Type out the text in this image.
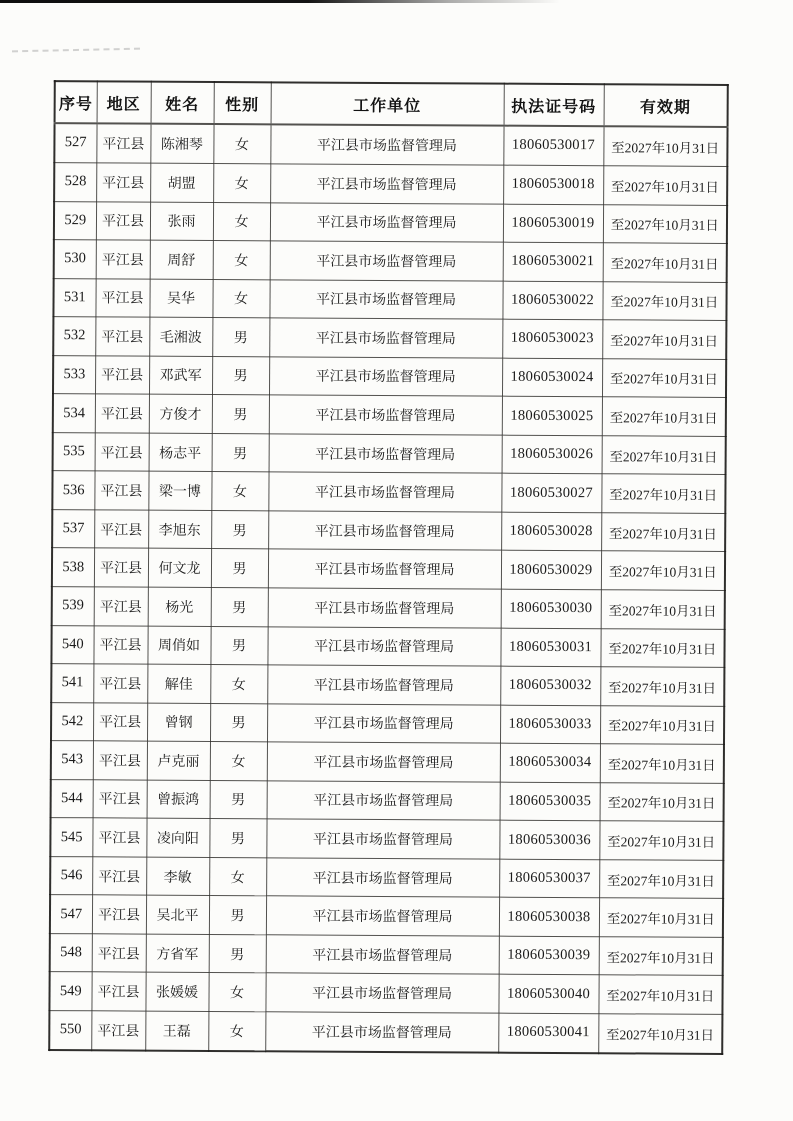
序号	地区	姓名	性别	工作单位	执法证号码	有效期
527	平江县	陈湘琴	女	平江县市场监督管理局	18060530017	至2027年10月31日
528	平江县	胡盟	女	平江县市场监督管理局	18060530018	至2027年10月31日
529	平江县	张雨	女	平江县市场监督管理局	18060530019	至2027年10月31日
530	平江县	周舒	女	平江县市场监督管理局	18060530021	至2027年10月31日
531	平江县	吴华	女	平江县市场监督管理局	18060530022	至2027年10月31日
532	平江县	毛湘波	男	平江县市场监督管理局	18060530023	至2027年10月31日
533	平江县	邓武军	男	平江县市场监督管理局	18060530024	至2027年10月31日
534	平江县	方俊才	男	平江县市场监督管理局	18060530025	至2027年10月31日
535	平江县	杨志平	男	平江县市场监督管理局	18060530026	至2027年10月31日
536	平江县	梁一博	女	平江县市场监督管理局	18060530027	至2027年10月31日
537	平江县	李旭东	男	平江县市场监督管理局	18060530028	至2027年10月31日
538	平江县	何文龙	男	平江县市场监督管理局	18060530029	至2027年10月31日
539	平江县	杨光	男	平江县市场监督管理局	18060530030	至2027年10月31日
540	平江县	周俏如	男	平江县市场监督管理局	18060530031	至2027年10月31日
541	平江县	解佳	女	平江县市场监督管理局	18060530032	至2027年10月31日
542	平江县	曾钢	男	平江县市场监督管理局	18060530033	至2027年10月31日
543	平江县	卢克丽	女	平江县市场监督管理局	18060530034	至2027年10月31日
544	平江县	曾振鸿	男	平江县市场监督管理局	18060530035	至2027年10月31日
545	平江县	凌向阳	男	平江县市场监督管理局	18060530036	至2027年10月31日
546	平江县	李敏	女	平江县市场监督管理局	18060530037	至2027年10月31日
547	平江县	吴北平	男	平江县市场监督管理局	18060530038	至2027年10月31日
548	平江县	方省军	男	平江县市场监督管理局	18060530039	至2027年10月31日
549	平江县	张媛媛	女	平江县市场监督管理局	18060530040	至2027年10月31日
550	平江县	王磊	女	平江县市场监督管理局	18060530041	至2027年10月31日
